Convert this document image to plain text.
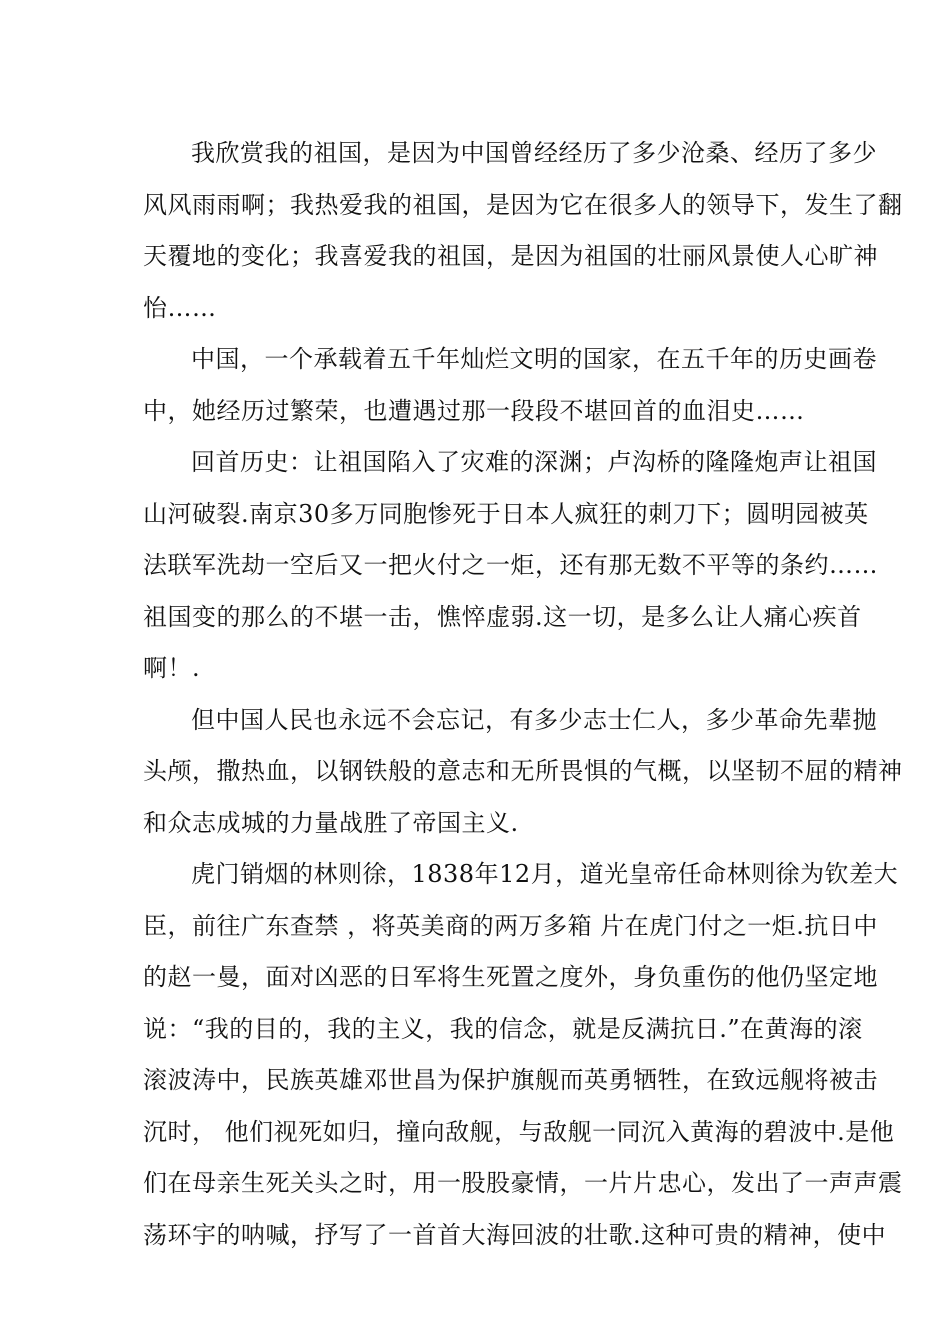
我欣赏我的祖国，是因为中国曾经经历了多少沧桑、经历了多少
风风雨雨啊；我热爱我的祖国，是因为它在很多人的领导下，发生了翻
天覆地的变化；我喜爱我的祖国，是因为祖国的壮丽风景使人心旷神
怡……
中国，一个承载着五千年灿烂文明的国家，在五千年的历史画卷
中，她经历过繁荣，也遭遇过那一段段不堪回首的血泪史……
回首历史：让祖国陷入了灾难的深渊；卢沟桥的隆隆炮声让祖国
山河破裂.南京30多万同胞惨死于日本人疯狂的刺刀下；圆明园被英
法联军洗劫一空后又一把火付之一炬，还有那无数不平等的条约……
祖国变的那么的不堪一击，憔悴虚弱.这一切，是多么让人痛心疾首
啊！.
但中国人民也永远不会忘记，有多少志士仁人，多少革命先辈抛
头颅，撒热血，以钢铁般的意志和无所畏惧的气概，以坚韧不屈的精神
和众志成城的力量战胜了帝国主义.
虎门销烟的林则徐，1838年12月，道光皇帝任命林则徐为钦差大
臣，前往广东查禁 ，将英美商的两万多箱 片在虎门付之一炬.抗日中
的赵一曼，面对凶恶的日军将生死置之度外，身负重伤的他仍坚定地
说：“我的目的，我的主义，我的信念，就是反满抗日.”在黄海的滚
滚波涛中，民族英雄邓世昌为保护旗舰而英勇牺牲，在致远舰将被击
沉时， 他们视死如归，撞向敌舰，与敌舰一同沉入黄海的碧波中.是他
们在母亲生死关头之时，用一股股豪情，一片片忠心，发出了一声声震
荡环宇的呐喊，抒写了一首首大海回波的壮歌.这种可贵的精神，使中
